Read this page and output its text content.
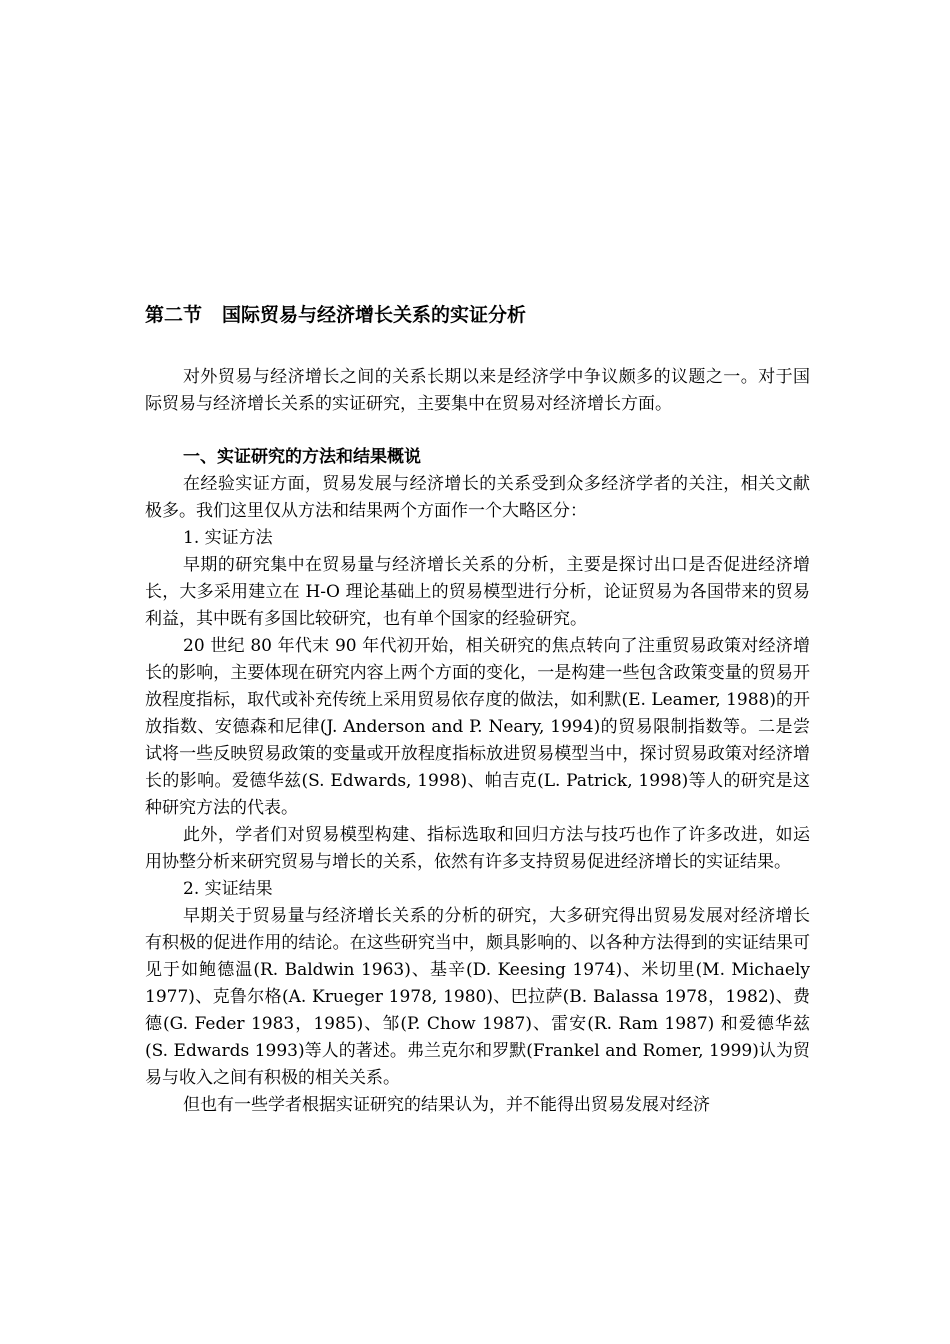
第二节 国际贸易与经济增长关系的实证分析

对外贸易与经济增长之间的关系长期以来是经济学中争议颇多的议题之一。对于国际贸易与经济增长关系的实证研究，主要集中在贸易对经济增长方面。

一、实证研究的方法和结果概说

在经验实证方面，贸易发展与经济增长的关系受到众多经济学者的关注，相关文献极多。我们这里仅从方法和结果两个方面作一个大略区分：

1. 实证方法

早期的研究集中在贸易量与经济增长关系的分析，主要是探讨出口是否促进经济增长，大多采用建立在 H-O 理论基础上的贸易模型进行分析，论证贸易为各国带来的贸易利益，其中既有多国比较研究，也有单个国家的经验研究。

20 世纪 80 年代末 90 年代初开始，相关研究的焦点转向了注重贸易政策对经济增长的影响，主要体现在研究内容上两个方面的变化，一是构建一些包含政策变量的贸易开放程度指标，取代或补充传统上采用贸易依存度的做法，如利默(E. Leamer, 1988)的开放指数、安德森和尼律(J. Anderson and P. Neary, 1994)的贸易限制指数等。二是尝试将一些反映贸易政策的变量或开放程度指标放进贸易模型当中，探讨贸易政策对经济增长的影响。爱德华兹(S. Edwards, 1998)、帕吉克(L. Patrick, 1998)等人的研究是这种研究方法的代表。

此外，学者们对贸易模型构建、指标选取和回归方法与技巧也作了许多改进，如运用协整分析来研究贸易与增长的关系，依然有许多支持贸易促进经济增长的实证结果。

2. 实证结果

早期关于贸易量与经济增长关系的分析的研究，大多研究得出贸易发展对经济增长有积极的促进作用的结论。在这些研究当中，颇具影响的、以各种方法得到的实证结果可见于如鲍德温(R. Baldwin 1963)、基辛(D. Keesing 1974)、米切里(M. Michaely 1977)、克鲁尔格(A. Krueger 1978, 1980)、巴拉萨(B. Balassa 1978，1982)、费德(G. Feder 1983，1985)、邹(P. Chow 1987)、雷安(R. Ram 1987) 和爱德华兹(S. Edwards 1993)等人的著述。弗兰克尔和罗默(Frankel and Romer, 1999)认为贸易与收入之间有积极的相关关系。

但也有一些学者根据实证研究的结果认为，并不能得出贸易发展对经济
